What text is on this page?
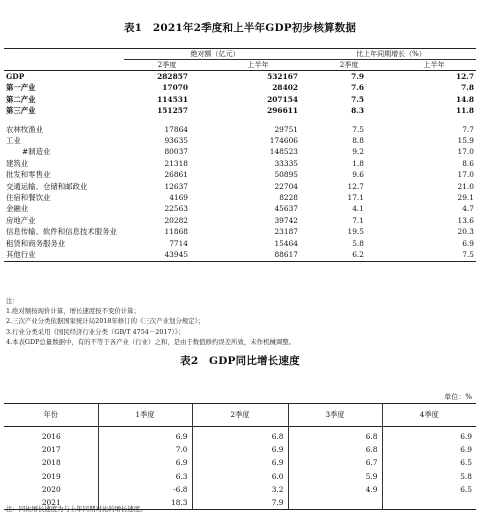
表1　2021年2季度和上半年GDP初步核算数据
	绝对额（亿元）		比上年同期增长（%）	
	2季度	上半年	2季度	上半年
GDP	282857	532167	7.9	12.7
第一产业	17070	28402	7.6	7.8
第二产业	114531	207154	7.5	14.8
第三产业	151257	296611	8.3	11.8

农林牧渔业	17864	29751	7.5	7.7
工业	93635	174606	8.8	15.9
#制造业	80037	148523	9.2	17.0
建筑业	21318	33335	1.8	8.6
批发和零售业	26861	50895	9.6	17.0
交通运输、仓储和邮政业	12637	22704	12.7	21.0
住宿和餐饮业	4169	8228	17.1	29.1
金融业	22563	45637	4.1	4.7
房地产业	20282	39742	7.1	13.6
信息传输、软件和信息技术服务业	11868	23187	19.5	20.3
租赁和商务服务业	7714	15464	5.8	6.9
其他行业	43945	88617	6.2	7.5
注：
1.绝对额按现价计算，增长速度按不变价计算；
2.三次产业分类依据国家统计局2018年修订的《三次产业划分规定》；
3.行业分类采用《国民经济行业分类（GB/T 4754－2017）》；
4.本表GDP总量数据中，有的不等于各产业（行业）之和，是由于数值修约误差所致，未作机械调整。
表2　GDP同比增长速度
单位：%
年份	1季度	2季度	3季度	4季度
2016	6.9	6.8	6.8	6.9
2017	7.0	6.9	6.8	6.9
2018	6.9	6.9	6.7	6.5
2019	6.3	6.0	5.9	5.8
2020	-6.8	3.2	4.9	6.5
2021	18.3	7.9		
注：同比增长速度为与上年同期对比的增长速度。
